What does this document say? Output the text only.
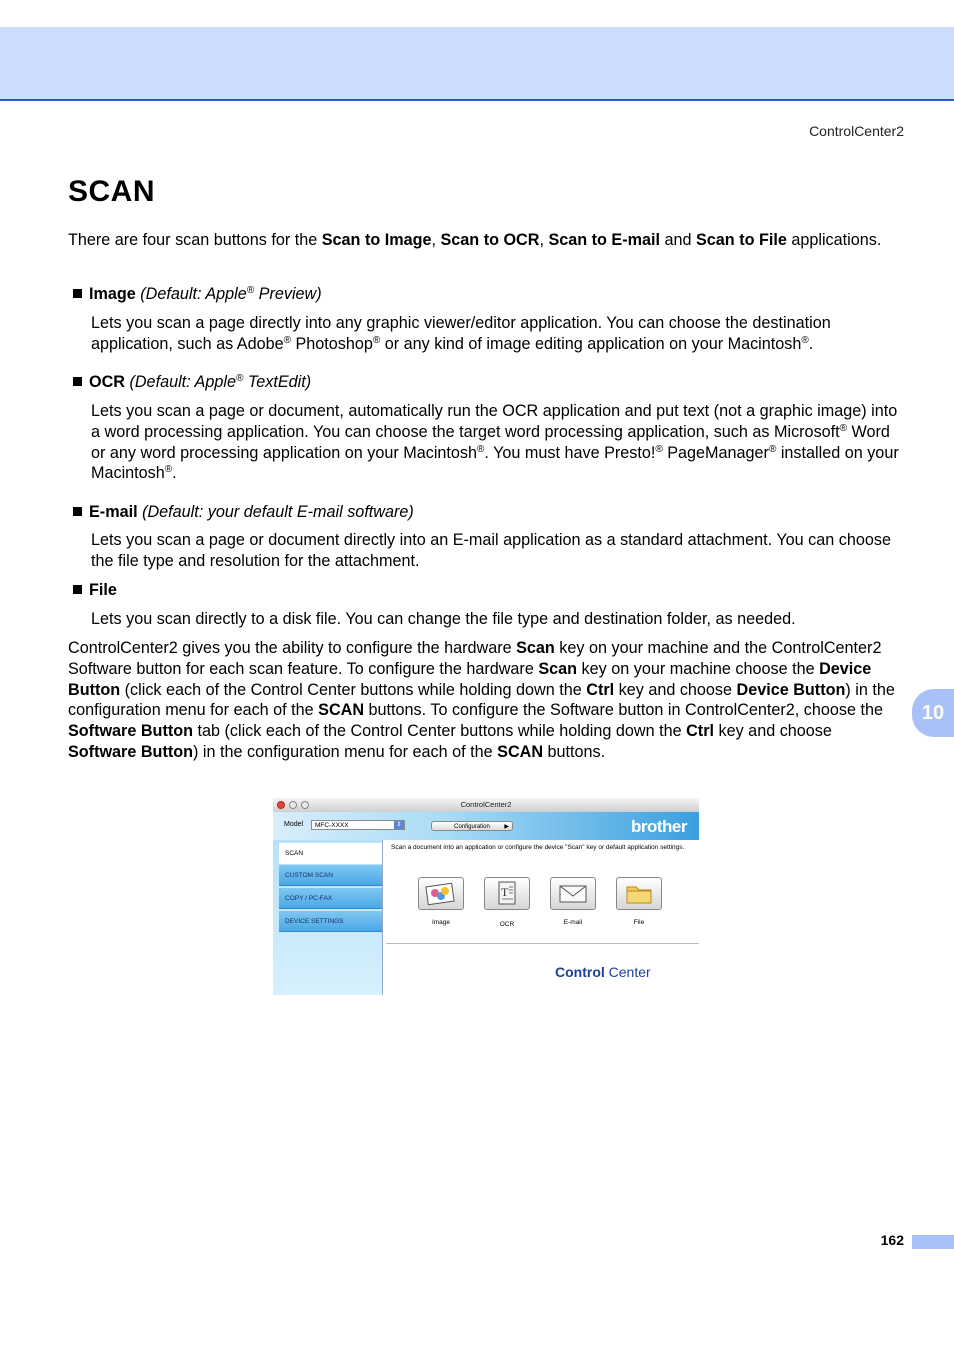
ControlCenter2
SCAN

There are four scan buttons for the Scan to Image, Scan to OCR, Scan to E-mail and Scan to File applications.

Image (Default: Apple® Preview)

Lets you scan a page directly into any graphic viewer/editor application. You can choose the destination application, such as Adobe® Photoshop® or any kind of image editing application on your Macintosh®.

OCR (Default: Apple® TextEdit)

Lets you scan a page or document, automatically run the OCR application and put text (not a graphic image) into a word processing application. You can choose the target word processing application, such as Microsoft® Word or any word processing application on your Macintosh®. You must have Presto!® PageManager® installed on your Macintosh®.

E-mail (Default: your default E-mail software)

Lets you scan a page or document directly into an E-mail application as a standard attachment. You can choose the file type and resolution for the attachment.

File

Lets you scan directly to a disk file. You can change the file type and destination folder, as needed.

ControlCenter2 gives you the ability to configure the hardware Scan key on your machine and the ControlCenter2 Software button for each scan feature. To configure the hardware Scan key on your machine choose the Device Button (click each of the Control Center buttons while holding down the Ctrl key and choose Device Button) in the configuration menu for each of the SCAN buttons. To configure the Software button in ControlCenter2, choose the Software Button tab (click each of the Control Center buttons while holding down the Ctrl key and choose Software Button) in the configuration menu for each of the SCAN buttons.

ControlCenter2
Model	MFC-XXXX	⇕	Configuration ▶	brother
SCAN
CUSTOM SCAN
COPY / PC-FAX
DEVICE SETTINGS
Scan a document into an application or configure the device "Scan" key or default application settings.
Image
T
OCR	E-mail	File
Control Center
10
162
